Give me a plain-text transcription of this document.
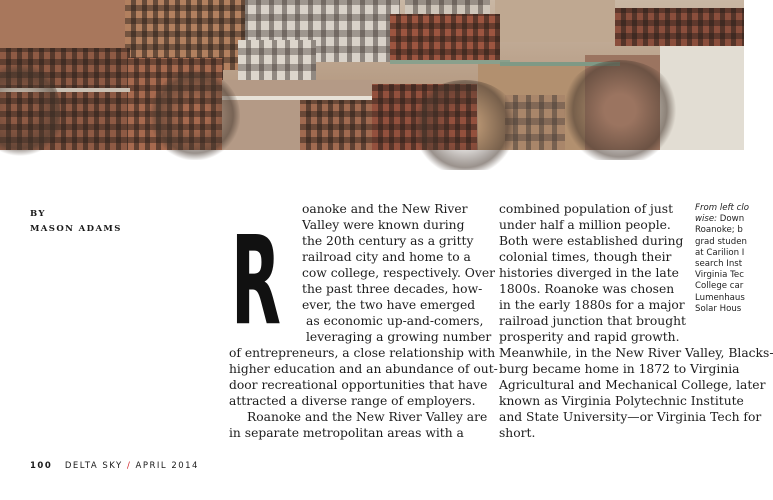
BY
MASON ADAMS R
oanoke and the New River
Valley were known during
the 20th century as a gritty
railroad city and home to a
cow college, respectively. Over
the past three decades, how-
ever, the two have emerged
as economic up-and-comers,
leveraging a growing number
of entrepreneurs, a close relationship with
higher education and an abundance of out-
door recreational opportunities that have
attracted a diverse range of employers.
Roanoke and the New River Valley are
in separate metropolitan areas with a
combined population of just
under half a million people.
Both were established during
colonial times, though their
histories diverged in the late
1800s. Roanoke was chosen
in the early 1880s for a major
railroad junction that brought
prosperity and rapid growth.
Meanwhile, in the New River Valley, Blacks-
burg became home in 1872 to Virginia
Agricultural and Mechanical College, later
known as Virginia Polytechnic Institute
and State University—or Virginia Tech for
short.
From left clo
wise: Down
Roanoke; b
grad studen
at Carilion I
search Inst
Virginia Tec
College car
Lumenhaus
Solar Hous
100 DELTA SKY / APRIL 2014
